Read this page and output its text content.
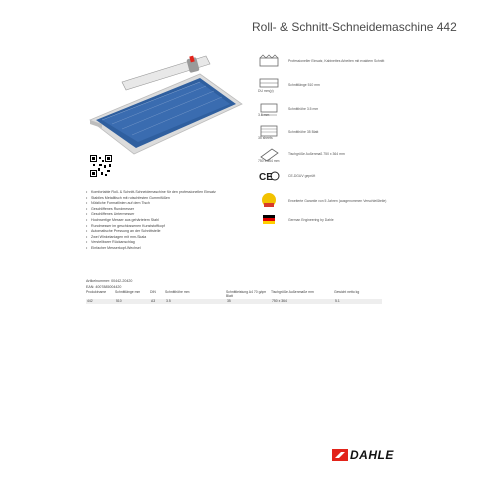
Roll- & Schnitt-Schneidemaschine 442
Professioneller Einsatz, Kabinettes Arbeiten mit exaktem Schnitt
DU mm(p)
Schnittlänge 510 mm
3.5 mm
Schnitthöhe 3.5 mm
35 sheets
Schnitthöhe 35 Blatt
750 x 364 mm
Tischgröße Außenmaß 750 x 364 mm
CE	CE-DGUV geprüft
Erweiterte Garantie von 5 Jahren (ausgenommen Verschleißteile)
German Engineering by Dahle
• Komfortable Roll- & Schnitt-Schneidemaschine für den professionellen Einsatz
• Stabiles Metalltisch mit rutschfesten Gummifüßen
• Nützliche Formatlinien auf dem Tisch
• Geschliffenes Rundmesser
• Geschliffenes Untermesser
• Hochwertige Messer aus gehärtetem Stahl
• Rundmesser im geschlossenen Kunststoffkopf
• Automatische Pressung an der Schnittstelle
• Zwei Winkelanlagen mit mm-Skala
• Verstellbarer Rückanschlag
• Einfacher Messerkopf-Wechsel
Artikelnummer: 00442-20420
EAN: 4007885004420
Produktname	Schnittlänge mm	DIN	Schnitthöhe mm	Schnittleistung A4 70 g/qm Blatt	Tischgröße Außenmaße mm	Gewicht netto kg
442	510	A3	3.5	35	750 x 364	5.1
DAHLE
